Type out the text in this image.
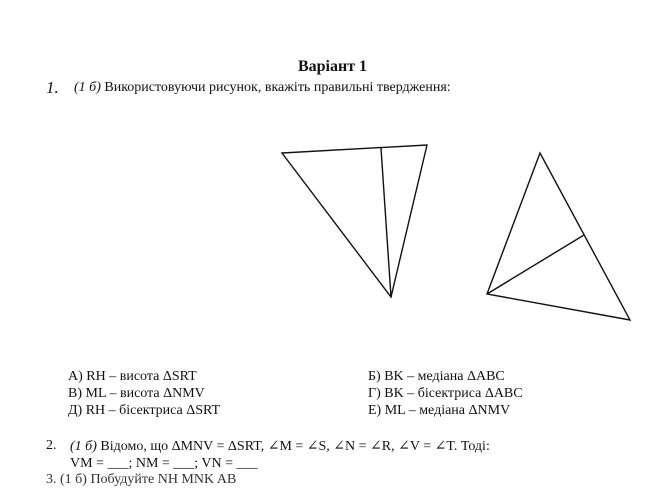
Варіант 1
1. (1 б) Використовуючи рисунок, вкажіть правильні твердження:
А) RH – висота ΔSRT	Б) BK – медіана ΔABC
В) ML – висота ΔNMV	Г) BK – бісектриса ΔABC
Д) RH – бісектриса ΔSRT	Е) ML – медіана ΔNMV
2. (1 б) Відомо, що ΔMNV = ΔSRT, ∠M = ∠S, ∠N = ∠R, ∠V = ∠T. Тоді:
VM = ___; NM = ___; VN = ___
3. (1 б) Побудуйте NH MNK AB
